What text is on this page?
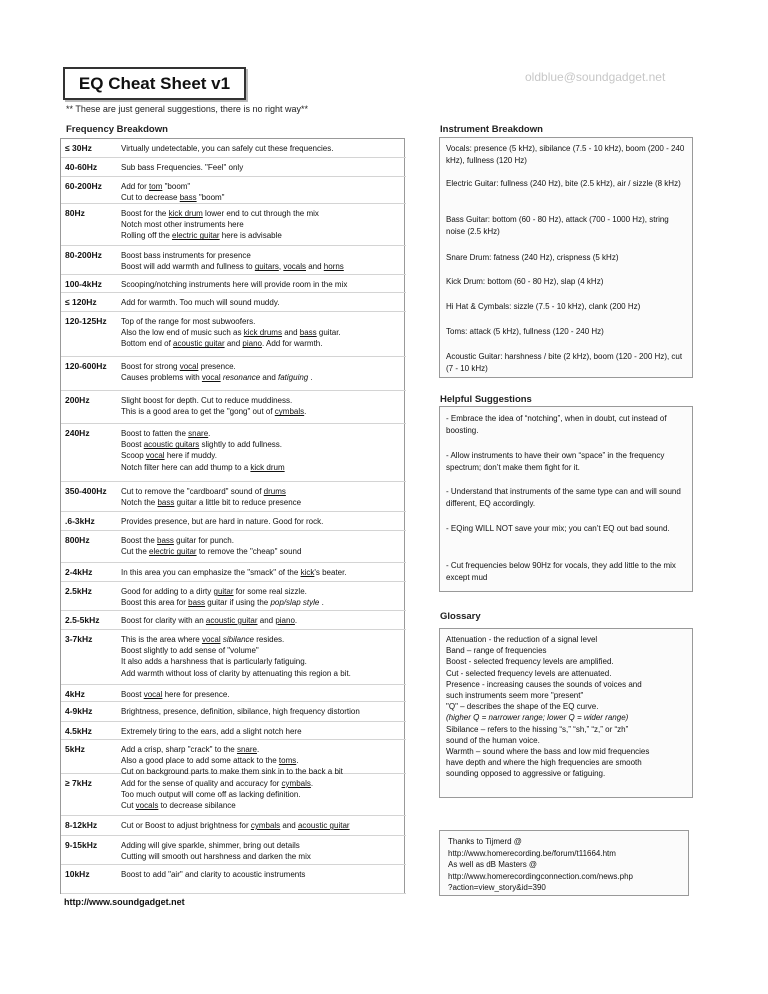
EQ Cheat Sheet v1	oldblue@soundgadget.net
** These are just general suggestions, there is no right way**
Frequency Breakdown
≤ 30Hz	Virtually undetectable, you can safely cut these frequencies.
40-60Hz	Sub bass Frequencies. "Feel" only
60-200Hz Add for tom "boom"
Cut to decrease bass "boom"
80Hz	Boost for the kick drum lower end to cut through the mix
Notch most other instruments here
Rolling off the electric guitar here is advisable
80-200Hz Boost bass instruments for presence
Boost will add warmth and fullness to guitars, vocals and horns
100-4kHz Scooping/notching instruments here will provide room in the mix
≤ 120Hz	Add for warmth. Too much will sound muddy.
120-125Hz Top of the range for most subwoofers.
Also the low end of music such as kick drums and bass guitar.
Bottom end of acoustic guitar and piano. Add for warmth.
120-600Hz Boost for strong vocal presence.
Causes problems with vocal resonance and fatiguing .
200Hz	Slight boost for depth. Cut to reduce muddiness.
This is a good area to get the "gong" out of cymbals.
240Hz	Boost to fatten the snare.
Boost acoustic guitars slightly to add fullness.
Scoop vocal here if muddy.
Notch filter here can add thump to a kick drum
350-400Hz Cut to remove the "cardboard" sound of drums
Notch the bass guitar a little bit to reduce presence
.6-3kHz	Provides presence, but are hard in nature. Good for rock.
800Hz	Boost the bass guitar for punch.
Cut the electric guitar to remove the "cheap" sound
2-4kHz	In this area you can emphasize the "smack" of the kick's beater.
2.5kHz	Good for adding to a dirty guitar for some real sizzle.
Boost this area for bass guitar if using the pop/slap style .
2.5-5kHz	Boost for clarity with an acoustic guitar and piano.
3-7kHz	This is the area where vocal sibilance resides.
Boost slightly to add sense of "volume"
It also adds a harshness that is particularly fatiguing.
Add warmth without loss of clarity by attenuating this region a bit.
4kHz	Boost vocal here for presence.
4-9kHz	Brightness, presence, definition, sibilance, high frequency distortion
4.5kHz	Extremely tiring to the ears, add a slight notch here
5kHz	Add a crisp, sharp "crack" to the snare.
Also a good place to add some attack to the toms.
Cut on background parts to make them sink in to the back a bit
≥ 7kHz	Add for the sense of quality and accuracy for cymbals.
Too much output will come off as lacking definition.
Cut vocals to decrease sibilance
8-12kHz	Cut or Boost to adjust brightness for cymbals and acoustic guitar
9-15kHz	Adding will give sparkle, shimmer, bring out details
Cutting will smooth out harshness and darken the mix
10kHz	Boost to add "air" and clarity to acoustic instruments
Instrument Breakdown
Vocals: presence (5 kHz), sibilance (7.5 - 10 kHz), boom (200 - 240 kHz), fullness (120 Hz)
Electric Guitar: fullness (240 Hz), bite (2.5 kHz), air / sizzle (8 kHz)
Bass Guitar: bottom (60 - 80 Hz), attack (700 - 1000 Hz), string noise (2.5 kHz)
Snare Drum: fatness (240 Hz), crispness (5 kHz)
Kick Drum: bottom (60 - 80 Hz), slap (4 kHz)
Hi Hat & Cymbals: sizzle (7.5 - 10 kHz), clank (200 Hz)
Toms: attack (5 kHz), fullness (120 - 240 Hz)
Acoustic Guitar: harshness / bite (2 kHz), boom (120 - 200 Hz), cut (7 - 10 kHz)
Helpful Suggestions
- Embrace the idea of “notching”, when in doubt, cut instead of boosting.
- Allow instruments to have their own “space” in the frequency spectrum; don’t make them fight for it.
- Understand that instruments of the same type can and will sound different, EQ accordingly.
- EQing WILL NOT save your mix; you can’t EQ out bad sound.
- Cut frequencies below 90Hz for vocals, they add little to the mix except mud
Glossary
Attenuation - the reduction of a signal level
Band – range of frequencies
Boost - selected frequency levels are amplified.
Cut - selected frequency levels are attenuated.
Presence - increasing causes the sounds of voices and
such instruments seem more "present"
"Q" – describes the shape of the EQ curve.
(higher Q = narrower range; lower Q = wider range)
Sibilance – refers to the hissing “s,” “sh,” “z,” or “zh”
sound of the human voice.
Warmth – sound where the bass and low mid frequencies
have depth and where the high frequencies are smooth
sounding opposed to aggressive or fatiguing.
Thanks to Tijmerd @
http://www.homerecording.be/forum/t11664.htm
As well as dB Masters @
http://www.homerecordingconnection.com/news.php
?action=view_story&id=390
http://www.soundgadget.net
